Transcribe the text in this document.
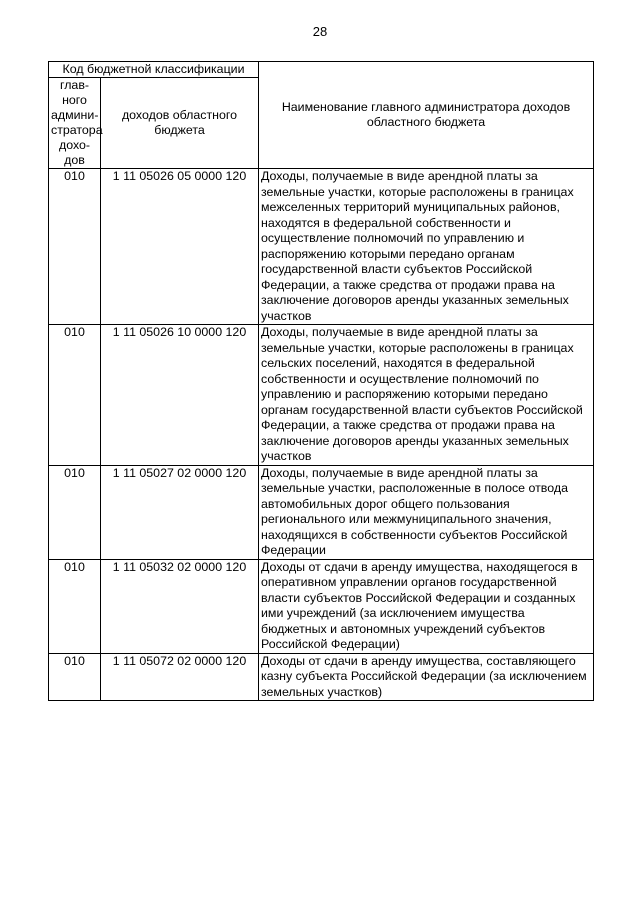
28
Код бюджетной классификации		Наименование главного администратора доходов областного бюджета
глав-ного админи-стратора дохо-дов	доходов областного бюджета	
010	1 11 05026 05 0000 120	Доходы, получаемые в виде арендной платы за земельные участки, которые расположены в границах межселенных территорий муниципальных районов, находятся в федеральной собственности и осуществление полномочий по управлению и распоряжению которыми передано органам государственной власти субъектов Российской Федерации, а также средства от продажи права на заключение договоров аренды указанных земельных участков
010	1 11 05026 10 0000 120	Доходы, получаемые в виде арендной платы за земельные участки, которые расположены в границах сельских поселений, находятся в федеральной собственности и осуществление полномочий по управлению и распоряжению которыми передано органам государственной власти субъектов Российской Федерации, а также средства от продажи права на заключение договоров аренды указанных земельных участков
010	1 11 05027 02 0000 120	Доходы, получаемые в виде арендной платы за земельные участки, расположенные в полосе отвода автомобильных дорог общего пользования регионального или межмуниципального значения, находящихся в собственности субъектов Российской Федерации
010	1 11 05032 02 0000 120	Доходы от сдачи в аренду имущества, находящегося в оперативном управлении органов государственной власти субъектов Российской Федерации и созданных ими учреждений (за исключением имущества бюджетных и автономных учреждений субъектов Российской Федерации)
010	1 11 05072 02 0000 120	Доходы от сдачи в аренду имущества, составляющего казну субъекта Российской Федерации (за исключением земельных участков)
